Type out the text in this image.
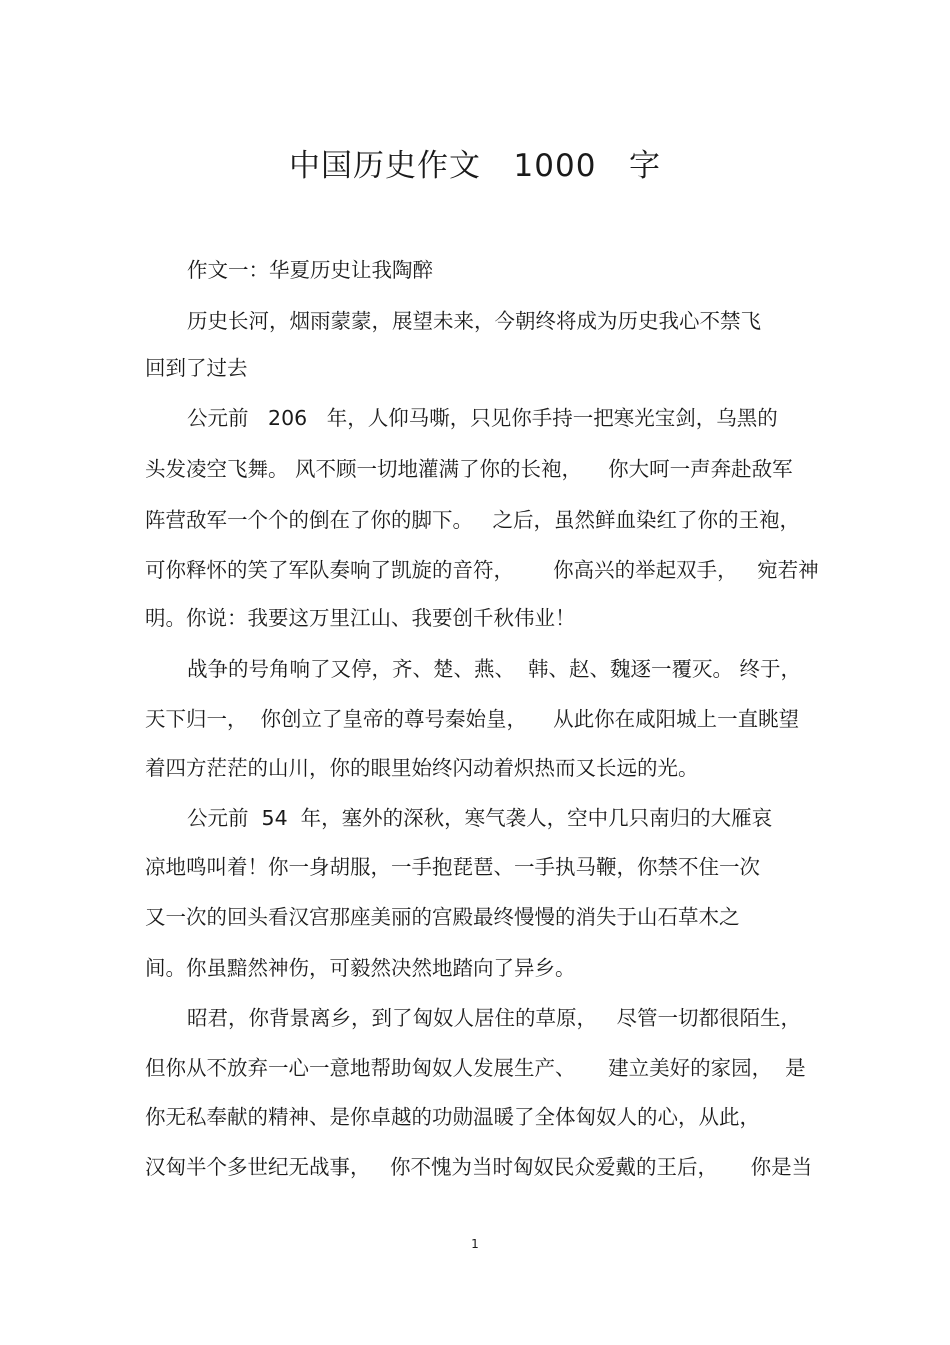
中国历史作文   1000   字

作文一：华夏历史让我陶醉

历史长河，烟雨蒙蒙，展望未来，今朝终将成为历史我心不禁飞

回到了过去

公元前   206   年，人仰马嘶，只见你手持一把寒光宝剑，乌黑的

头发凌空飞舞。 风不顾一切地灌满了你的长袍，    你大呵一声奔赴敌军

阵营敌军一个个的倒在了你的脚下。   之后，虽然鲜血染红了你的王袍，

可你释怀的笑了军队奏响了凯旋的音符，      你高兴的举起双手，   宛若神

明。你说：我要这万里江山、我要创千秋伟业！

战争的号角响了又停，齐、楚、燕、  韩、赵、魏逐一覆灭。 终于，

天下归一，  你创立了皇帝的尊号秦始皇，    从此你在咸阳城上一直眺望

着四方茫茫的山川，你的眼里始终闪动着炽热而又长远的光。

公元前  54  年，塞外的深秋，寒气袭人，空中几只南归的大雁哀

凉地鸣叫着！你一身胡服，一手抱琵琶、一手执马鞭，你禁不住一次

又一次的回头看汉宫那座美丽的宫殿最终慢慢的消失于山石草木之

间。你虽黯然神伤，可毅然决然地踏向了异乡。

昭君，你背景离乡，到了匈奴人居住的草原，   尽管一切都很陌生，

但你从不放弃一心一意地帮助匈奴人发展生产、     建立美好的家园，  是

你无私奉献的精神、是你卓越的功勋温暖了全体匈奴人的心，从此，

汉匈半个多世纪无战事，   你不愧为当时匈奴民众爱戴的王后，     你是当

1
